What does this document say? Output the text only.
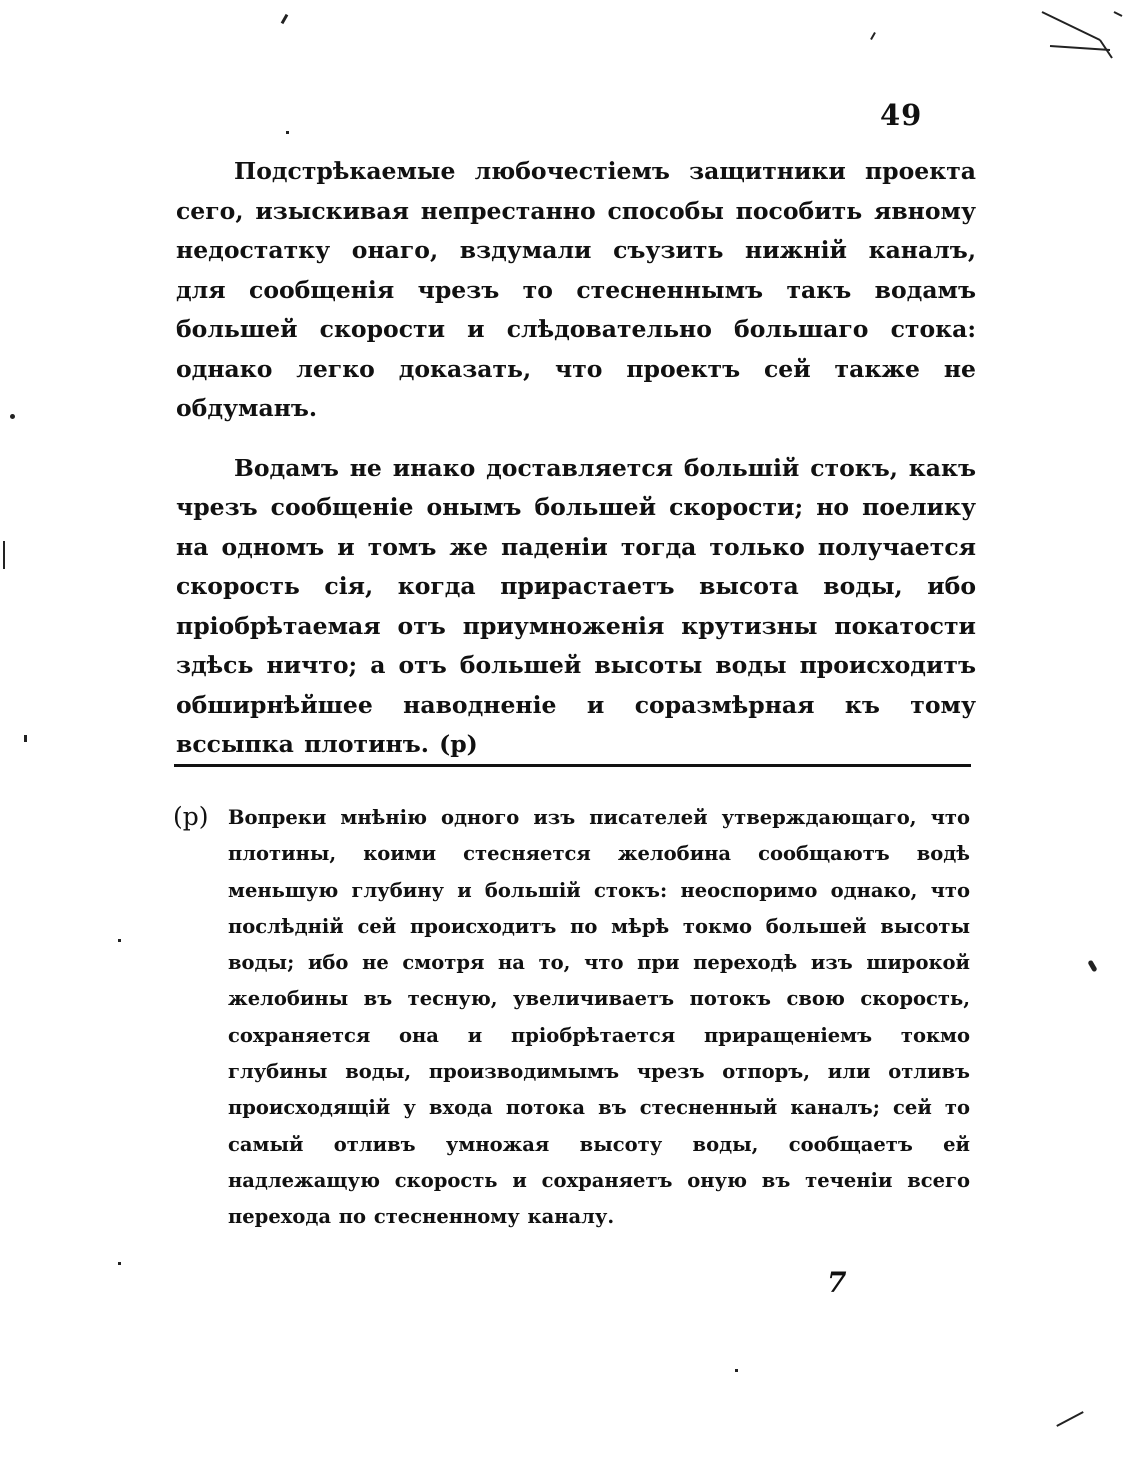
49

Подстрѣкаемые любочестіемъ защитники проекта сего, изыскивая непрестанно способы пособить явному недостатку онаго, вздумали съузить нижній каналъ, для сообщенія чрезъ то стесненнымъ такъ водамъ большей скорости и слѣдовательно большаго стока: однако легко доказать, что проектъ сей также не обдуманъ.

Водамъ не инако доставляется большій стокъ, какъ чрезъ сообщеніе онымъ большей скорости; но поелику на одномъ и томъ же паденіи тогда только получается скорость сія, когда прирастаетъ высота воды, ибо пріобрѣтаемая отъ приумноженія крутизны покатости здѣсь ничто; а отъ большей высоты воды происходитъ обширнѣйшее наводненіе и соразмѣрная къ тому вссыпка плотинъ. (р)

(р) Вопреки мнѣнію одного изъ писателей утверждающаго, что плотины, коими стесняется желобина сообщаютъ водѣ меньшую глубину и большій стокъ: неоспоримо однако, что послѣдній сей происходитъ по мѣрѣ токмо большей высоты воды; ибо не смотря на то, что при переходѣ изъ широкой желобины въ тесную, увеличиваетъ потокъ свою скорость, сохраняется она и пріобрѣтается приращеніемъ токмо глубины воды, производимымъ чрезъ отпоръ, или отливъ происходящій у входа потока въ стесненный каналъ; сей то самый отливъ умножая высоту воды, сообщаетъ ей надлежащую скорость и сохраняетъ оную въ теченіи всего перехода по стесненному каналу.

7
